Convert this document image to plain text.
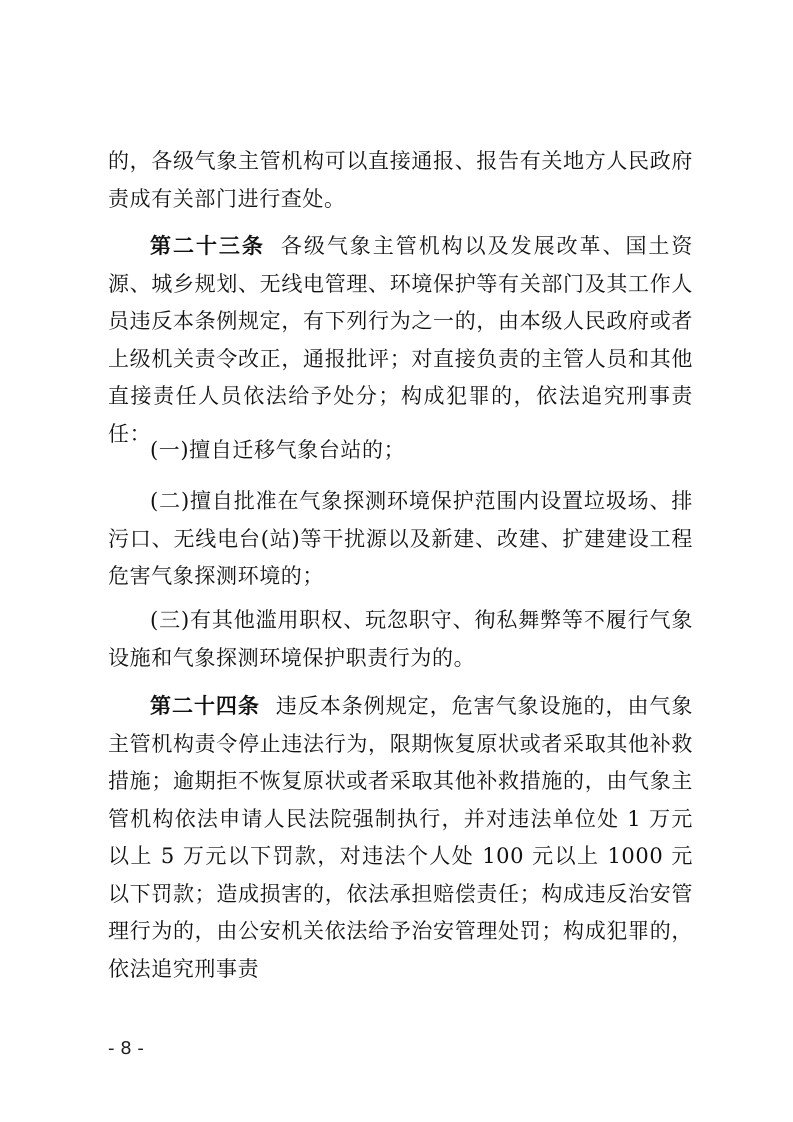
的，各级气象主管机构可以直接通报、报告有关地方人民政府责成有关部门进行查处。

第二十三条 各级气象主管机构以及发展改革、国土资源、城乡规划、无线电管理、环境保护等有关部门及其工作人员违反本条例规定，有下列行为之一的，由本级人民政府或者上级机关责令改正，通报批评；对直接负责的主管人员和其他直接责任人员依法给予处分；构成犯罪的，依法追究刑事责任：

(一)擅自迁移气象台站的；

(二)擅自批准在气象探测环境保护范围内设置垃圾场、排污口、无线电台(站)等干扰源以及新建、改建、扩建建设工程危害气象探测环境的；

(三)有其他滥用职权、玩忽职守、徇私舞弊等不履行气象设施和气象探测环境保护职责行为的。

第二十四条 违反本条例规定，危害气象设施的，由气象主管机构责令停止违法行为，限期恢复原状或者采取其他补救措施；逾期拒不恢复原状或者采取其他补救措施的，由气象主管机构依法申请人民法院强制执行，并对违法单位处 1 万元以上 5 万元以下罚款，对违法个人处 100 元以上 1000 元以下罚款；造成损害的，依法承担赔偿责任；构成违反治安管理行为的，由公安机关依法给予治安管理处罚；构成犯罪的，依法追究刑事责

- 8 -
